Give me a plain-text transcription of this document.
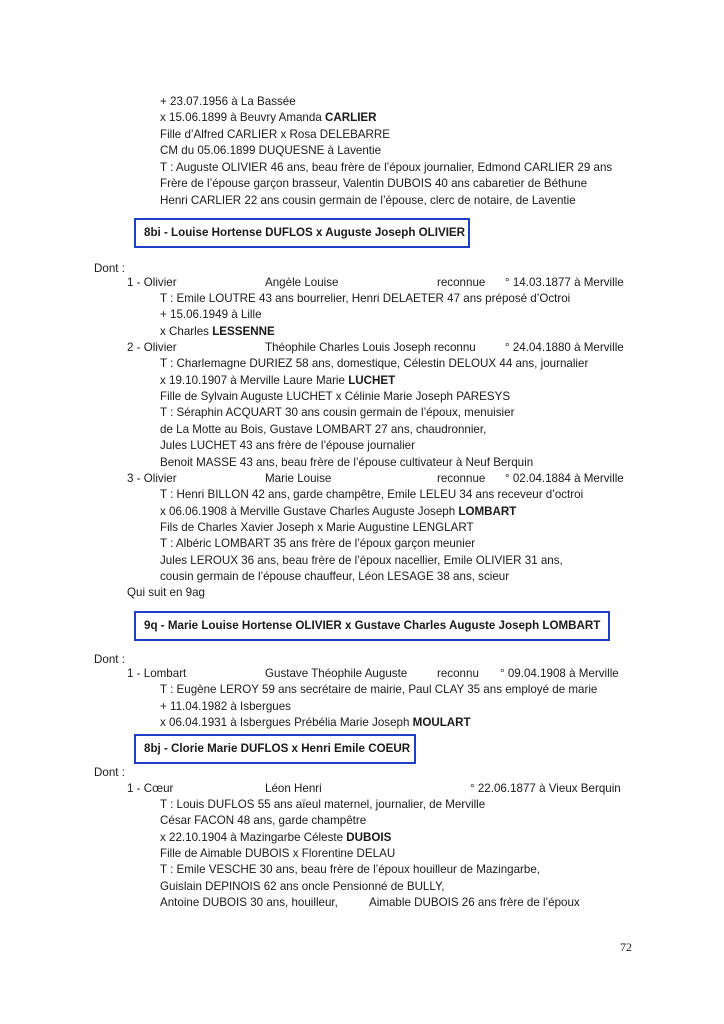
+ 23.07.1956 à La Bassée
x 15.06.1899 à Beuvry Amanda CARLIER
Fille d’Alfred CARLIER x Rosa DELEBARRE
CM du 05.06.1899 DUQUESNE à Laventie
T : Auguste OLIVIER 46 ans, beau frère de l’époux journalier, Edmond CARLIER 29 ans
Frère de l’épouse garçon brasseur, Valentin DUBOIS 40 ans cabaretier de Béthune
Henri CARLIER 22 ans cousin germain de l’épouse, clerc de notaire, de Laventie
8bi - Louise Hortense DUFLOS x Auguste Joseph OLIVIER
Dont :
1 - Olivier	Angèle Louise	reconnue ° 14.03.1877 à Merville
T : Emile LOUTRE 43 ans bourrelier, Henri DELAETER 47 ans préposé d’Octroi
+ 15.06.1949 à Lille
x Charles LESSENNE
2 - Olivier	Théophile Charles Louis Joseph reconnu	° 24.04.1880 à Merville
T : Charlemagne DURIEZ 58 ans, domestique, Célestin DELOUX 44 ans, journalier
x 19.10.1907 à Merville Laure Marie LUCHET
Fille de Sylvain Auguste LUCHET x Célinie Marie Joseph PARESYS
T : Séraphin ACQUART 30 ans cousin germain de l’époux, menuisier
de La Motte au Bois, Gustave LOMBART 27 ans, chaudronnier,
Jules LUCHET 43 ans frère de l’épouse journalier
Benoit MASSE 43 ans, beau frère de l’épouse cultivateur à Neuf Berquin
3 - Olivier	Marie Louise	reconnue ° 02.04.1884 à Merville
T : Henri BILLON 42 ans, garde champêtre, Emile LELEU 34 ans receveur d’octroi
x 06.06.1908 à Merville Gustave Charles Auguste Joseph LOMBART
Fils de Charles Xavier Joseph x Marie Augustine LENGLART
T : Albéric LOMBART 35 ans frère de l’époux garçon meunier
Jules LEROUX 36 ans, beau frère de l’époux nacellier, Emile OLIVIER 31 ans,
cousin germain de l’épouse chauffeur, Léon LESAGE 38 ans, scieur
Qui suit en 9ag
9q - Marie Louise Hortense OLIVIER x Gustave Charles Auguste Joseph LOMBART
Dont :
1 - Lombart	Gustave Théophile Auguste	reconnu ° 09.04.1908 à Merville
T : Eugène LEROY 59 ans secrétaire de mairie, Paul CLAY 35 ans employé de marie
+ 11.04.1982 à Isbergues
x 06.04.1931 à Isbergues Prébélia Marie Joseph MOULART
8bj - Clorie Marie DUFLOS x Henri Emile COEUR
Dont :
1 - Cœur	Léon Henri	° 22.06.1877 à Vieux Berquin
T : Louis DUFLOS 55 ans aïeul maternel, journalier, de Merville
César FACON 48 ans, garde champêtre
x 22.10.1904 à Mazingarbe Céleste DUBOIS
Fille de Aimable DUBOIS x Florentine DELAU
T : Emile VESCHE 30 ans, beau frère de l’époux houilleur de Mazingarbe,
Guislain DEPINOIS 62 ans oncle Pensionné de BULLY,
Antoine DUBOIS 30 ans, houilleur,	Aimable DUBOIS 26 ans frère de l’époux
72
